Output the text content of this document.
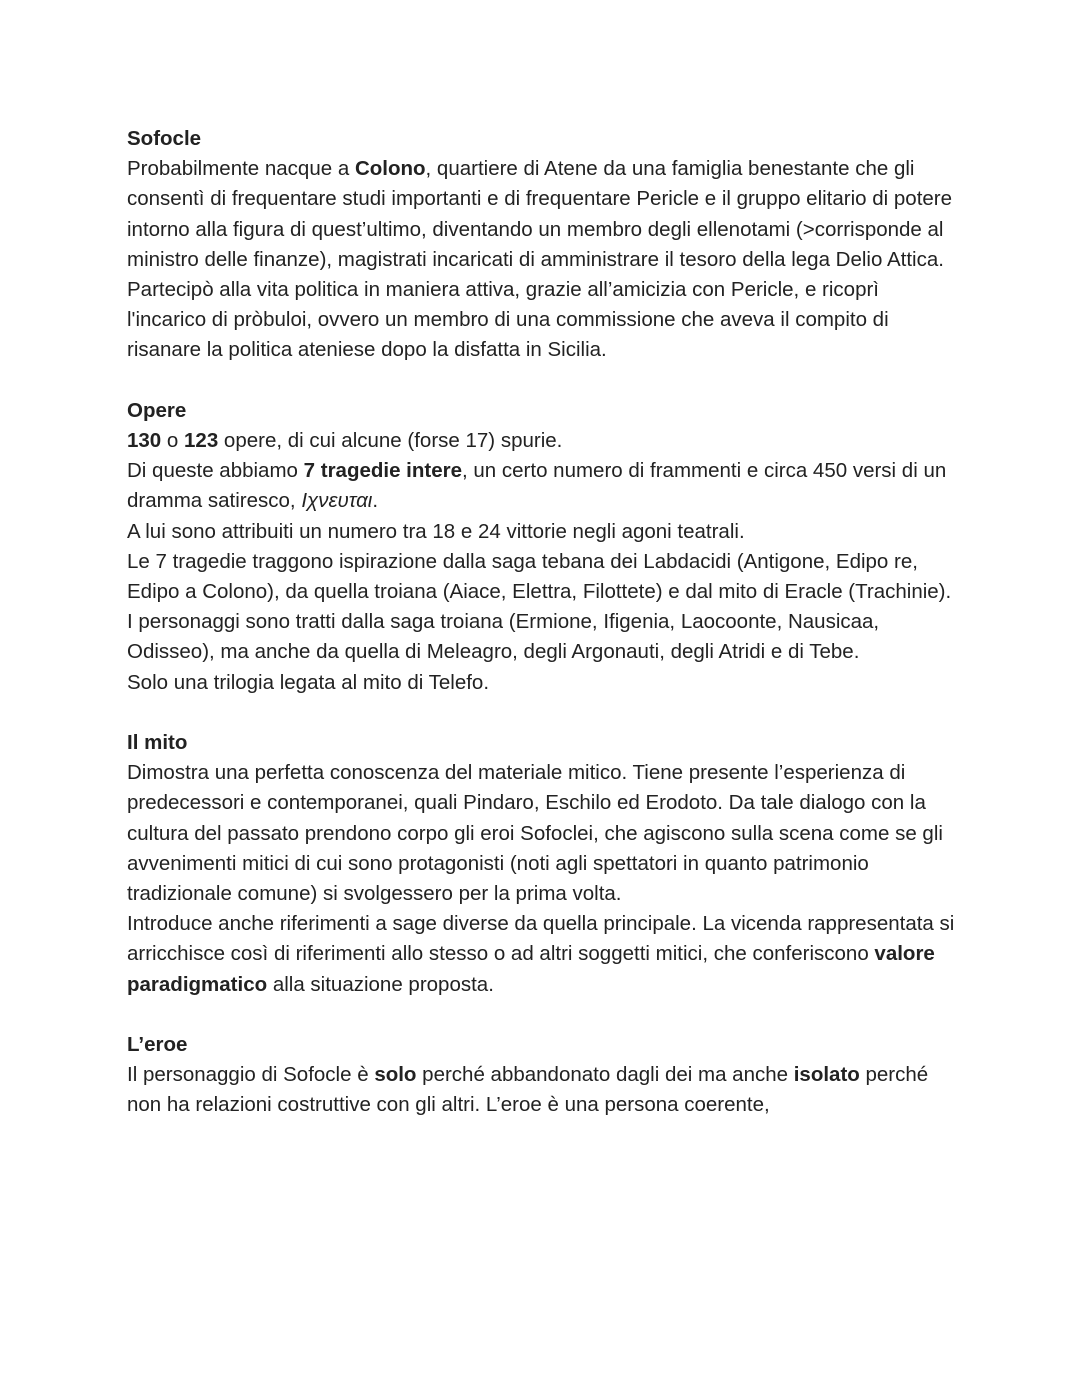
Sofocle

Probabilmente nacque a Colono, quartiere di Atene da una famiglia benestante che gli consentì di frequentare studi importanti e di frequentare Pericle e il gruppo elitario di potere intorno alla figura di quest’ultimo, diventando un membro degli ellenotami (>corrisponde al ministro delle finanze), magistrati incaricati di amministrare il tesoro della lega Delio Attica. Partecipò alla vita politica in maniera attiva, grazie all’amicizia con Pericle, e ricoprì l'incarico di pròbuloi, ovvero un membro di una commissione che aveva il compito di risanare la politica ateniese dopo la disfatta in Sicilia.

Opere

130 o 123 opere, di cui alcune (forse 17) spurie.

Di queste abbiamo 7 tragedie intere, un certo numero di frammenti e circa 450 versi di un dramma satiresco, Ιχνευται.

A lui sono attribuiti un numero tra 18 e 24 vittorie negli agoni teatrali.

Le 7 tragedie traggono ispirazione dalla saga tebana dei Labdacidi (Antigone, Edipo re, Edipo a Colono), da quella troiana (Aiace, Elettra, Filottete) e dal mito di Eracle (Trachinie).

I personaggi sono tratti dalla saga troiana (Ermione, Ifigenia, Laocoonte, Nausicaa, Odisseo), ma anche da quella di Meleagro, degli Argonauti, degli Atridi e di Tebe.

Solo una trilogia legata al mito di Telefo.

Il mito

Dimostra una perfetta conoscenza del materiale mitico. Tiene presente l’esperienza di predecessori e contemporanei, quali Pindaro, Eschilo ed Erodoto. Da tale dialogo con la cultura del passato prendono corpo gli eroi Sofoclei, che agiscono sulla scena come se gli avvenimenti mitici di cui sono protagonisti (noti agli spettatori in quanto patrimonio tradizionale comune) si svolgessero per la prima volta.

Introduce anche riferimenti a sage diverse da quella principale. La vicenda rappresentata si arricchisce così di riferimenti allo stesso o ad altri soggetti mitici, che conferiscono valore paradigmatico alla situazione proposta.

L’eroe

Il personaggio di Sofocle è solo perché abbandonato dagli dei ma anche isolato perché non ha relazioni costruttive con gli altri. L’eroe è una persona coerente,
